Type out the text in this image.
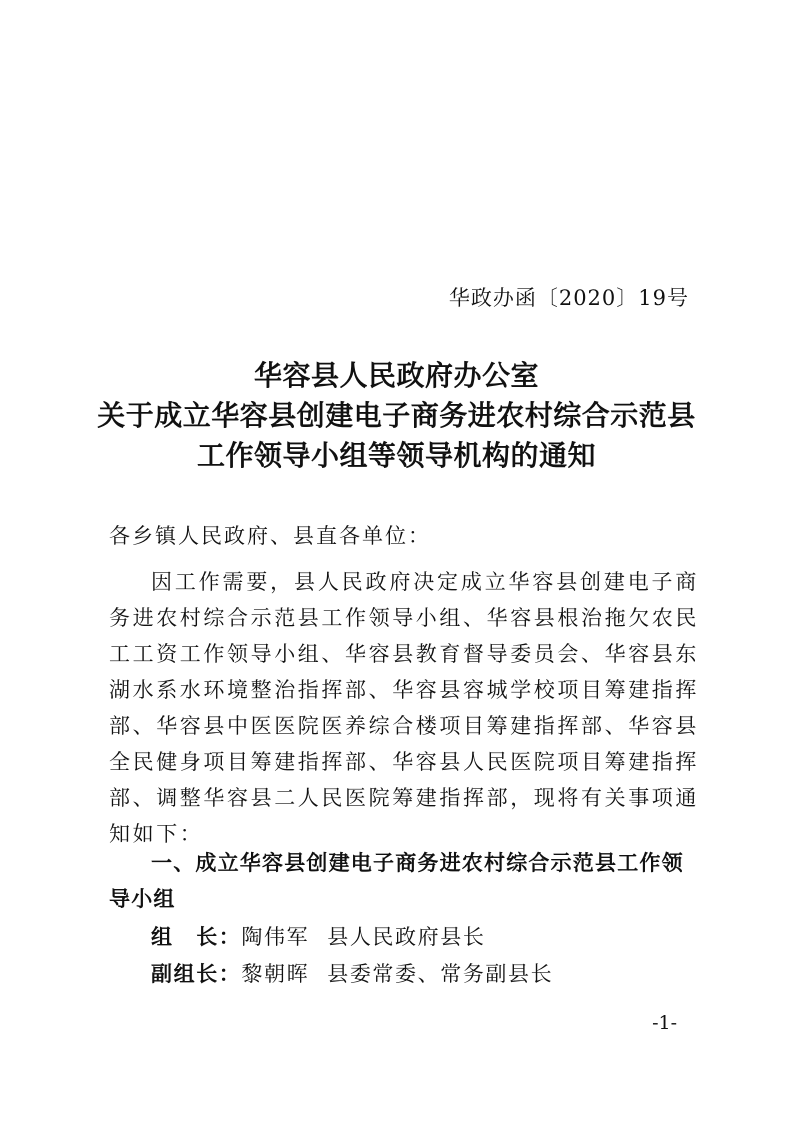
华政办函〔2020〕19号
华容县人民政府办公室
关于成立华容县创建电子商务进农村综合示范县
工作领导小组等领导机构的通知
各乡镇人民政府、县直各单位：
因工作需要，县人民政府决定成立华容县创建电子商务进农村综合示范县工作领导小组、华容县根治拖欠农民工工资工作领导小组、华容县教育督导委员会、华容县东湖水系水环境整治指挥部、华容县容城学校项目筹建指挥部、华容县中医医院医养综合楼项目筹建指挥部、华容县全民健身项目筹建指挥部、华容县人民医院项目筹建指挥部、调整华容县二人民医院筹建指挥部，现将有关事项通知如下：
一、成立华容县创建电子商务进农村综合示范县工作领导小组
组　长：陶伟军 县人民政府县长
副组长：黎朝晖 县委常委、常务副县长
-1-
